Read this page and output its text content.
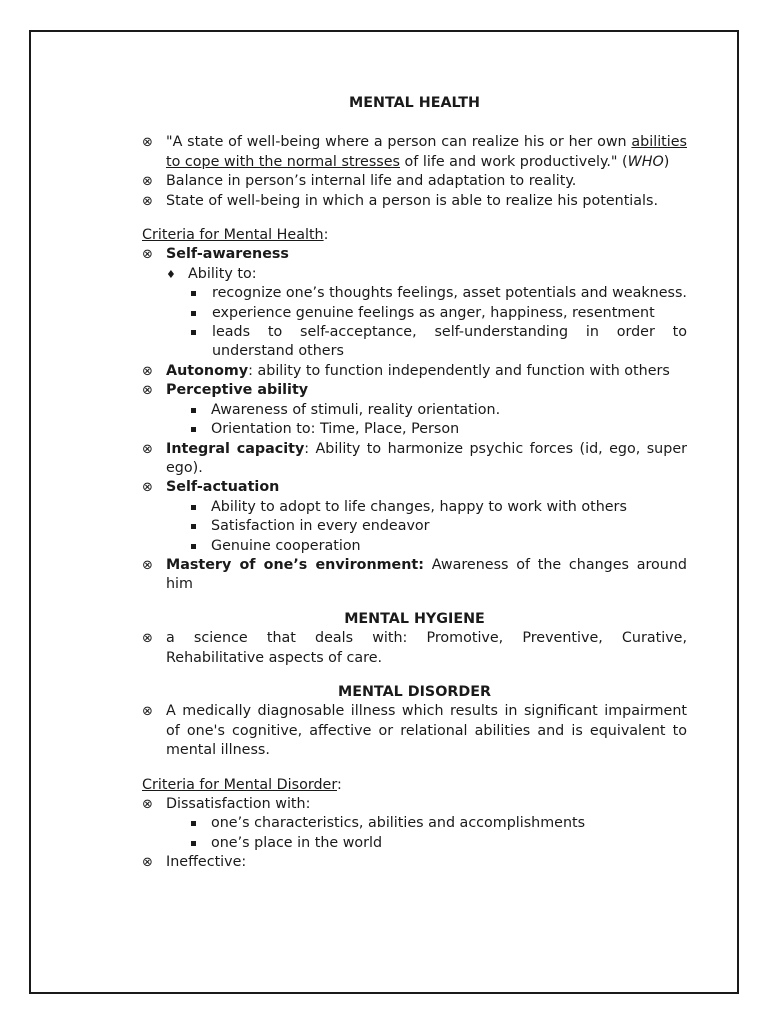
MENTAL HEALTH
⊗ "A state of well-being where a person can realize his or her own abilities to cope with the normal stresses of life and work productively." (WHO)
⊗ Balance in person’s internal life and adaptation to reality.
⊗ State of well-being in which a person is able to realize his potentials.
Criteria for Mental Health:
⊗ Self-awareness
♦ Ability to:
recognize one’s thoughts feelings, asset potentials and weakness.
experience genuine feelings as anger, happiness, resentment
leads to self-acceptance, self-understanding in order to understand others
⊗ Autonomy: ability to function independently and function with others
⊗ Perceptive ability
Awareness of stimuli, reality orientation.
Orientation to: Time, Place, Person
⊗ Integral capacity: Ability to harmonize psychic forces (id, ego, super ego).
⊗ Self-actuation
Ability to adopt to life changes, happy to work with others
Satisfaction in every endeavor
Genuine cooperation
⊗ Mastery of one’s environment: Awareness of the changes around him
MENTAL HYGIENE
⊗ a science that deals with: Promotive, Preventive, Curative, Rehabilitative aspects of care.
MENTAL DISORDER
⊗ A medically diagnosable illness which results in significant impairment of one's cognitive, affective or relational abilities and is equivalent to mental illness.
Criteria for Mental Disorder:
⊗ Dissatisfaction with:
one’s characteristics, abilities and accomplishments
one’s place in the world
⊗ Ineffective:
